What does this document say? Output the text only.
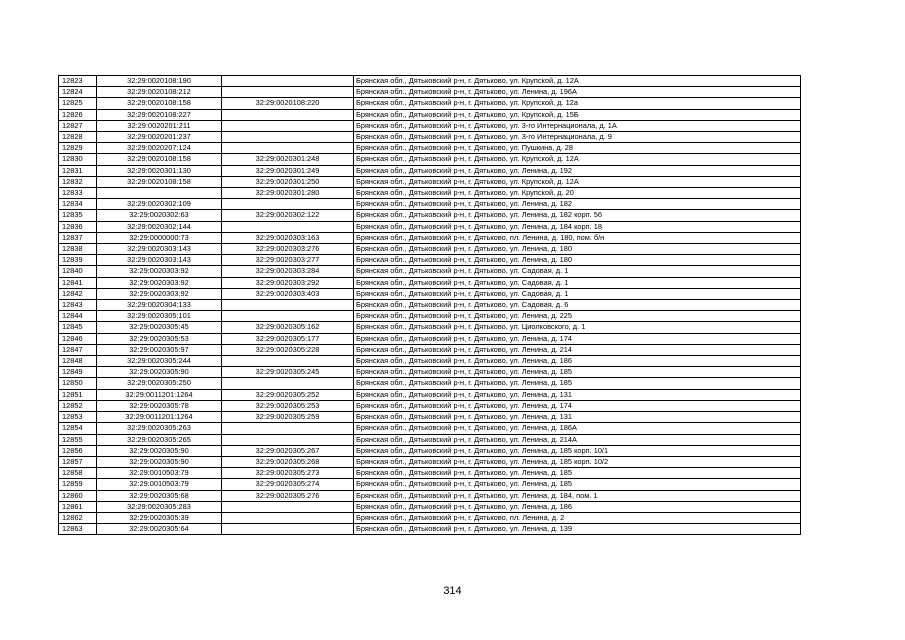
12823	32:29:0020108:190		Брянская обл., Дятьковский р-н, г. Дятьково, ул. Крупской, д. 12А
12824	32:29:0020108:212		Брянская обл., Дятьковский р-н, г. Дятьково, ул. Ленина, д. 196А
12825	32:29:0020108:158	32:29:0020108:220	Брянская обл., Дятьковский р-н, г. Дятьково, ул. Крупской, д. 12а
12826	32:29:0020108:227		Брянская обл., Дятьковский р-н, г. Дятьково, ул. Крупской, д. 15Б
12827	32:29:0020201:211		Брянская обл., Дятьковский р-н, г. Дятьково, ул. 3-го Интернационала, д. 1А
12828	32:29:0020201:237		Брянская обл., Дятьковский р-н, г. Дятьково, ул. 3-го Интернационала, д. 9
12829	32:29:0020207:124		Брянская обл., Дятьковский р-н, г. Дятьково, ул. Пушкина, д. 28
12830	32:29:0020108:158	32:29:0020301:248	Брянская обл., Дятьковский р-н, г. Дятьково, ул. Крупской, д. 12А
12831	32:29:0020301:130	32:29:0020301:249	Брянская обл., Дятьковский р-н, г. Дятьково, ул. Ленина, д. 192
12832	32:29:0020108:158	32:29:0020301:250	Брянская обл., Дятьковский р-н, г. Дятьково, ул. Крупской, д. 12А
12833		32:29:0020301:280	Брянская обл., Дятьковский р-н, г. Дятьково, ул. Крупской, д. 20
12834	32:29:0020302:109		Брянская обл., Дятьковский р-н, г. Дятьково, ул. Ленина, д. 182
12835	32:29:0020302:63	32:29:0020302:122	Брянская обл., Дятьковский р-н, г. Дятьково, ул. Ленина, д. 182 корп. 56
12836	32:29:0020302:144		Брянская обл., Дятьковский р-н, г. Дятьково, ул. Ленина, д. 184 корп. 18
12837	32:29:0000000:73	32:29:0020303:163	Брянская обл., Дятьковский р-н, г. Дятьково, пл. Ленина, д. 180, пом. б/н
12838	32:29:0020303:143	32:29:0020303:276	Брянская обл., Дятьковский р-н, г. Дятьково, ул. Ленина, д. 180
12839	32:29:0020303:143	32:29:0020303:277	Брянская обл., Дятьковский р-н, г. Дятьково, ул. Ленина, д. 180
12840	32:29:0020303:92	32:29:0020303:284	Брянская обл., Дятьковский р-н, г. Дятьково, ул. Садовая, д. 1
12841	32:29:0020303:92	32:29:0020303:292	Брянская обл., Дятьковский р-н, г. Дятьково, ул. Садовая, д. 1
12842	32:29:0020303:92	32:29:0020303:403	Брянская обл., Дятьковский р-н, г. Дятьково, ул. Садовая, д. 1
12843	32:29:0020304:133		Брянская обл., Дятьковский р-н, г. Дятьково, ул. Садовая, д. 6
12844	32:29:0020305:101		Брянская обл., Дятьковский р-н, г. Дятьково, ул. Ленина, д. 225
12845	32:29:0020305:45	32:29:0020305:162	Брянская обл., Дятьковский р-н, г. Дятьково, ул. Циолковского, д. 1
12846	32:29:0020305:53	32:29:0020305:177	Брянская обл., Дятьковский р-н, г. Дятьково, ул. Ленина, д. 174
12847	32:29:0020305:97	32:29:0020305:228	Брянская обл., Дятьковский р-н, г. Дятьково, ул. Ленина, д. 214
12848	32:29:0020305:244		Брянская обл., Дятьковский р-н, г. Дятьково, ул. Ленина, д. 186
12849	32:29:0020305:90	32:29:0020305:245	Брянская обл., Дятьковский р-н, г. Дятьково, ул. Ленина, д. 185
12850	32:29:0020305:250		Брянская обл., Дятьковский р-н, г. Дятьково, ул. Ленина, д. 185
12851	32:29:0011201:1264	32:29:0020305:252	Брянская обл., Дятьковский р-н, г. Дятьково, ул. Ленина, д. 131
12852	32:29:0020305:78	32:29:0020305:253	Брянская обл., Дятьковский р-н, г. Дятьково, ул. Ленина, д. 174
12853	32:29:0011201:1264	32:29:0020305:259	Брянская обл., Дятьковский р-н, г. Дятьково, ул. Ленина, д. 131
12854	32:29:0020305:263		Брянская обл., Дятьковский р-н, г. Дятьково, ул. Ленина, д. 186А
12855	32:29:0020305:265		Брянская обл., Дятьковский р-н, г. Дятьково, ул. Ленина, д. 214А
12856	32:29:0020305:90	32:29:0020305:267	Брянская обл., Дятьковский р-н, г. Дятьково, ул. Ленина, д. 185 корп. 10/1
12857	32:29:0020305:90	32:29:0020305:268	Брянская обл., Дятьковский р-н, г. Дятьково, ул. Ленина, д. 185 корп. 10/2
12858	32:29:0010503:79	32:29:0020305:273	Брянская обл., Дятьковский р-н, г. Дятьково, ул. Ленина, д. 185
12859	32:29:0010503:79	32:29:0020305:274	Брянская обл., Дятьковский р-н, г. Дятьково, ул. Ленина, д. 185
12860	32:29:0020305:68	32:29:0020305:276	Брянская обл., Дятьковский р-н, г. Дятьково, ул. Ленина, д. 184, пом. 1
12861	32:29:0020305:283		Брянская обл., Дятьковский р-н, г. Дятьково, ул. Ленина, д. 186
12862	32:29:0020305:39		Брянская обл., Дятьковский р-н, г. Дятьково, пл. Ленина, д. 2
12863	32:29:0020305:64		Брянская обл., Дятьковский р-н, г. Дятьково, ул. Ленина, д. 139
314
